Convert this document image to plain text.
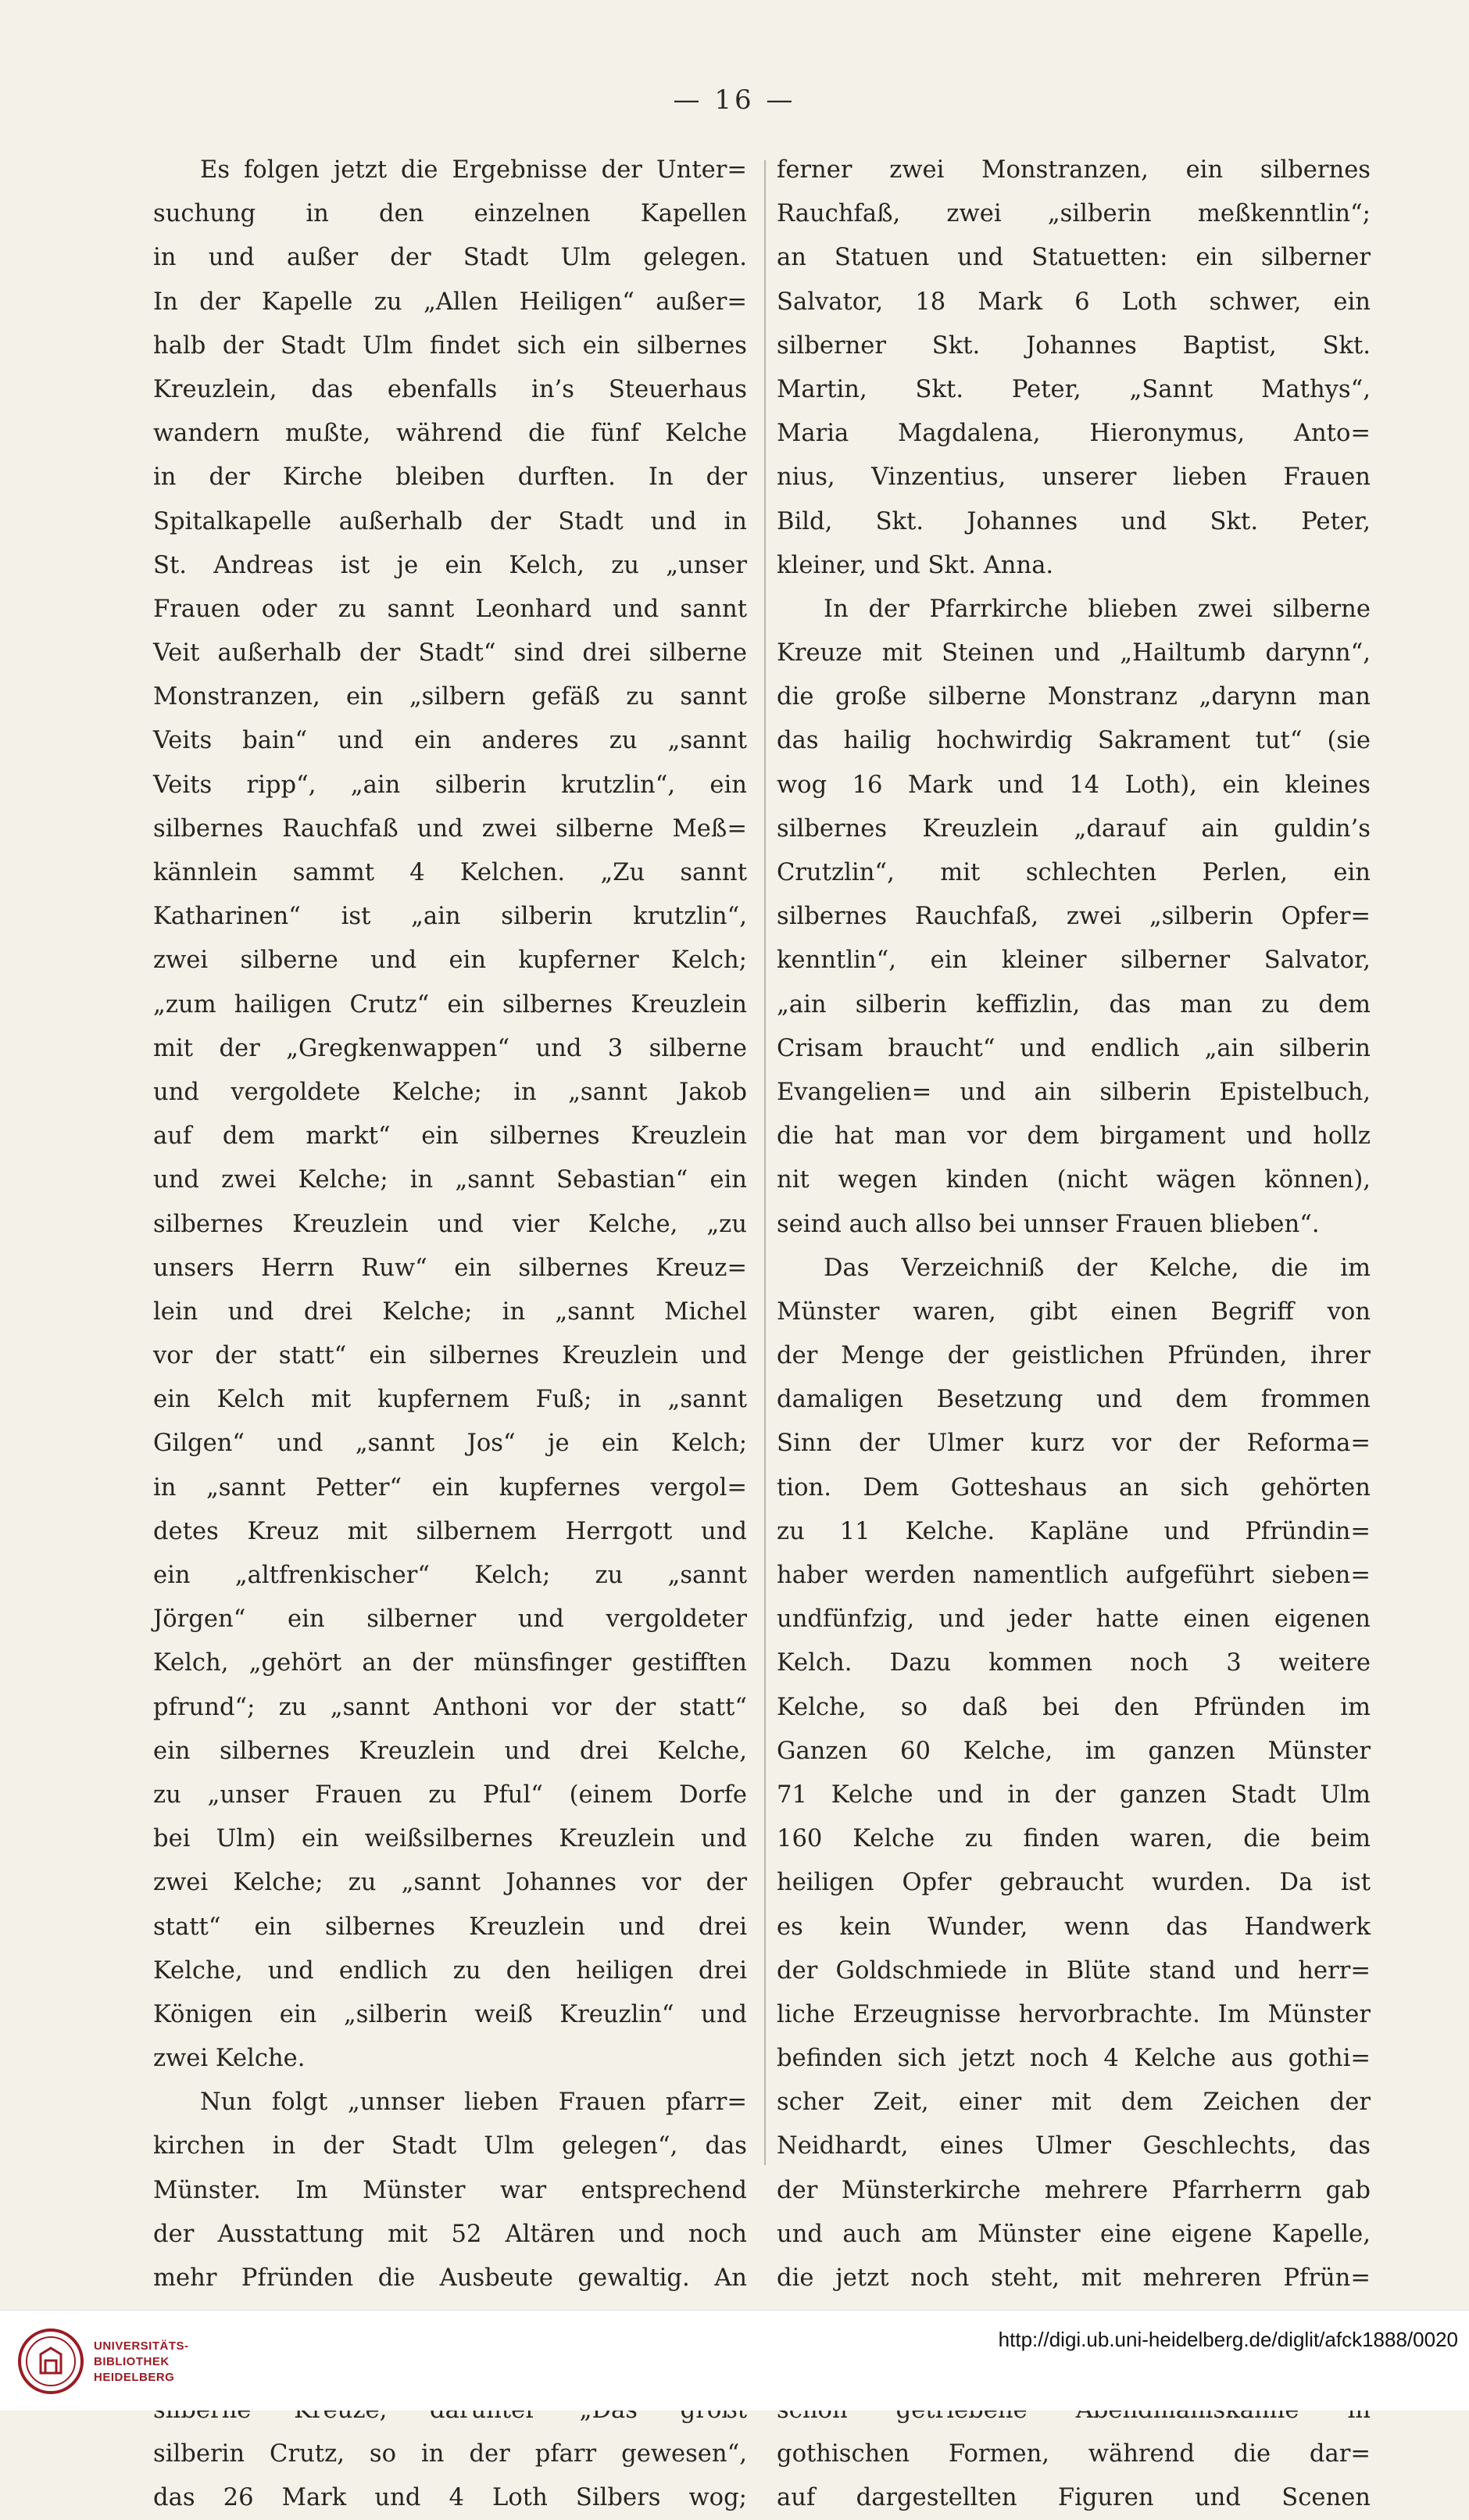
— 16 —
Es folgen jetzt die Ergebnisse der Unter=
suchung in den einzelnen Kapellen
in und außer der Stadt Ulm gelegen.
In der Kapelle zu „Allen Heiligen“ außer=
halb der Stadt Ulm findet sich ein silbernes
Kreuzlein, das ebenfalls in’s Steuerhaus
wandern mußte, während die fünf Kelche
in der Kirche bleiben durften. In der
Spitalkapelle außerhalb der Stadt und in
St. Andreas ist je ein Kelch, zu „unser
Frauen oder zu sannt Leonhard und sannt
Veit außerhalb der Stadt“ sind drei silberne
Monstranzen, ein „silbern gefäß zu sannt
Veits bain“ und ein anderes zu „sannt
Veits ripp“, „ain silberin krutzlin“, ein
silbernes Rauchfaß und zwei silberne Meß=
kännlein sammt 4 Kelchen. „Zu sannt
Katharinen“ ist „ain silberin krutzlin“,
zwei silberne und ein kupferner Kelch;
„zum hailigen Crutz“ ein silbernes Kreuzlein
mit der „Gregkenwappen“ und 3 silberne
und vergoldete Kelche; in „sannt Jakob
auf dem markt“ ein silbernes Kreuzlein
und zwei Kelche; in „sannt Sebastian“ ein
silbernes Kreuzlein und vier Kelche, „zu
unsers Herrn Ruw“ ein silbernes Kreuz=
lein und drei Kelche; in „sannt Michel
vor der statt“ ein silbernes Kreuzlein und
ein Kelch mit kupfernem Fuß; in „sannt
Gilgen“ und „sannt Jos“ je ein Kelch;
in „sannt Petter“ ein kupfernes vergol=
detes Kreuz mit silbernem Herrgott und
ein „altfrenkischer“ Kelch; zu „sannt
Jörgen“ ein silberner und vergoldeter
Kelch, „gehört an der münsfinger gestifften
pfrund“; zu „sannt Anthoni vor der statt“
ein silbernes Kreuzlein und drei Kelche,
zu „unser Frauen zu Pful“ (einem Dorfe
bei Ulm) ein weißsilbernes Kreuzlein und
zwei Kelche; zu „sannt Johannes vor der
statt“ ein silbernes Kreuzlein und drei
Kelche, und endlich zu den heiligen drei
Königen ein „silberin weiß Kreuzlin“ und
zwei Kelche.
Nun folgt „unnser lieben Frauen pfarr=
kirchen in der Stadt Ulm gelegen“, das
Münster. Im Münster war entsprechend
der Ausstattung mit 52 Altären und noch
mehr Pfründen die Ausbeute gewaltig. An
silberin Crutz, so in der pfarr gewesen“,
das 26 Mark und 4 Loth Silbers wog;
ferner zwei Monstranzen, ein silbernes
Rauchfaß, zwei „silberin meßkenntlin“;
an Statuen und Statuetten: ein silberner
Salvator, 18 Mark 6 Loth schwer, ein
silberner Skt. Johannes Baptist, Skt.
Martin, Skt. Peter, „Sannt Mathys“,
Maria Magdalena, Hieronymus, Anto=
nius, Vinzentius, unserer lieben Frauen
Bild, Skt. Johannes und Skt. Peter,
kleiner, und Skt. Anna.
In der Pfarrkirche blieben zwei silberne
Kreuze mit Steinen und „Hailtumb darynn“,
die große silberne Monstranz „darynn man
das hailig hochwirdig Sakrament tut“ (sie
wog 16 Mark und 14 Loth), ein kleines
silbernes Kreuzlein „darauf ain guldin’s
Crutzlin“, mit schlechten Perlen, ein
silbernes Rauchfaß, zwei „silberin Opfer=
kenntlin“, ein kleiner silberner Salvator,
„ain silberin keffizlin, das man zu dem
Crisam braucht“ und endlich „ain silberin
Evangelien= und ain silberin Epistelbuch,
die hat man vor dem birgament und hollz
nit wegen kinden (nicht wägen können),
seind auch allso bei unnser Frauen blieben“.
Das Verzeichniß der Kelche, die im
Münster waren, gibt einen Begriff von
der Menge der geistlichen Pfründen, ihrer
damaligen Besetzung und dem frommen
Sinn der Ulmer kurz vor der Reforma=
tion. Dem Gotteshaus an sich gehörten
zu 11 Kelche. Kapläne und Pfründin=
haber werden namentlich aufgeführt sieben=
undfünfzig, und jeder hatte einen eigenen
Kelch. Dazu kommen noch 3 weitere
Kelche, so daß bei den Pfründen im
Ganzen 60 Kelche, im ganzen Münster
71 Kelche und in der ganzen Stadt Ulm
160 Kelche zu finden waren, die beim
heiligen Opfer gebraucht wurden. Da ist
es kein Wunder, wenn das Handwerk
der Goldschmiede in Blüte stand und herr=
liche Erzeugnisse hervorbrachte. Im Münster
befinden sich jetzt noch 4 Kelche aus gothi=
scher Zeit, einer mit dem Zeichen der
Neidhardt, eines Ulmer Geschlechts, das
der Münsterkirche mehrere Pfarrherrn gab
und auch am Münster eine eigene Kapelle,
die jetzt noch steht, mit mehreren Pfrün=
gothischen Formen, während die dar=
auf dargestellten Figuren und Scenen
UNIVERSITÄTS-
BIBLIOTHEK
HEIDELBERG
http://digi.ub.uni-heidelberg.de/diglit/afck1888/0020
